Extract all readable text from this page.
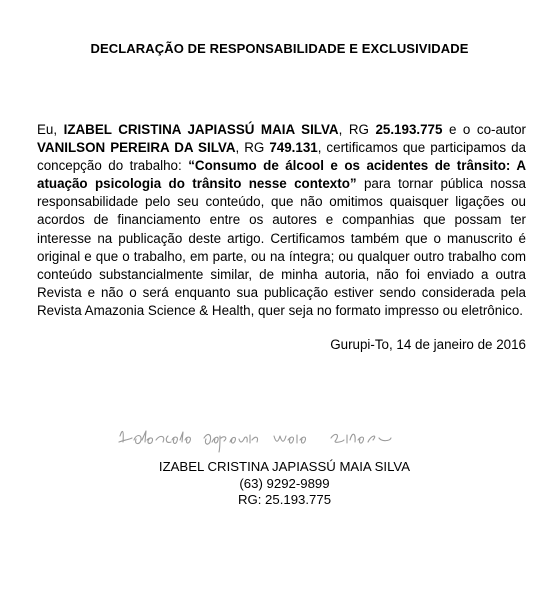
DECLARAÇÃO DE RESPONSABILIDADE E EXCLUSIVIDADE
Eu, IZABEL CRISTINA JAPIASSÚ MAIA SILVA, RG 25.193.775 e o co-autor VANILSON PEREIRA DA SILVA, RG 749.131, certificamos que participamos da concepção do trabalho: “Consumo de álcool e os acidentes de trânsito: A atuação psicologia do trânsito nesse contexto” para tornar pública nossa responsabilidade pelo seu conteúdo, que não omitimos quaisquer ligações ou acordos de financiamento entre os autores e companhias que possam ter interesse na publicação deste artigo. Certificamos também que o manuscrito é original e que o trabalho, em parte, ou na íntegra; ou qualquer outro trabalho com conteúdo substancialmente similar, de minha autoria, não foi enviado a outra Revista e não o será enquanto sua publicação estiver sendo considerada pela Revista Amazonia Science & Health, quer seja no formato impresso ou eletrônico.
Gurupi-To, 14 de janeiro de 2016
IZABEL CRISTINA JAPIASSÚ MAIA SILVA
(63) 9292-9899
RG: 25.193.775
